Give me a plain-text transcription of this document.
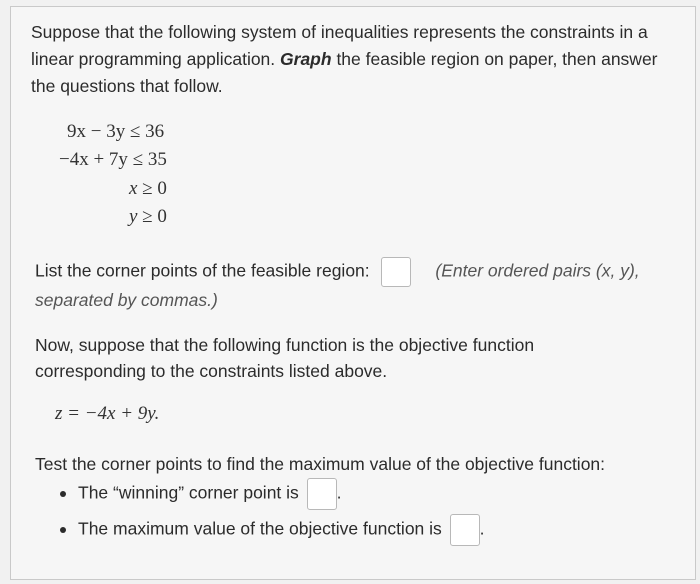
Suppose that the following system of inequalities represents the constraints in a linear programming application. Graph the feasible region on paper, then answer the questions that follow.
9x − 3y ≤ 36
−4x + 7y ≤ 35
x ≥ 0
y ≥ 0
List the corner points of the feasible region:	(Enter ordered pairs (x, y),
separated by commas.)
Now, suppose that the following function is the objective function
corresponding to the constraints listed above.
z = −4x + 9y.
Test the corner points to find the maximum value of the objective function:
The “winning” corner point is .
The maximum value of the objective function is .
